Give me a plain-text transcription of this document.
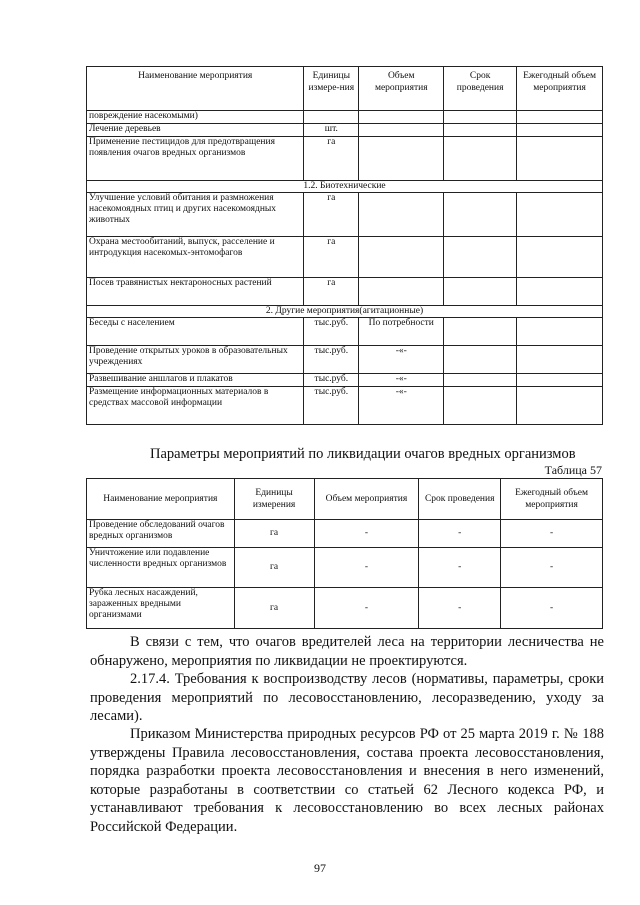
Наименование мероприятия	Единицы измере-ния	Объем мероприятия	Срок проведения	Ежегодный объем мероприятия
повреждение насекомыми)				
Лечение деревьев	шт.			
Применение пестицидов для предотвращения появления очагов вредных организмов	га			
1.2. Биотехнические				
Улучшение условий обитания и размножения насекомоядных птиц и других насекомоядных животных	га			
Охрана местообитаний, выпуск, расселение и интродукция насекомых-энтомофагов	га			
Посев травянистых нектароносных растений	га			
2. Другие мероприятия(агитационные)				
Беседы с населением	тыс.руб.	По потребности		
Проведение открытых уроков в образовательных учреждениях	тыс.руб.	-«-		
Развешивание аншлагов и плакатов	тыс.руб.	-«-		
Размещение информационных материалов в средствах массовой информации	тыс.руб.	-«-		
Параметры мероприятий по ликвидации очагов вредных организмов
Таблица 57
Наименование мероприятия	Единицы измерения	Объем мероприятия	Срок проведения	Ежегодный объем мероприятия
Проведение обследований очагов вредных организмов	га	-	-	-
Уничтожение или подавление численности вредных организмов	га	-	-	-
Рубка лесных насаждений, зараженных вредными организмами	га	-	-	-
В связи с тем, что очагов вредителей леса на территории лесничества не обнаружено, мероприятия по ликвидации не проектируются.
2.17.4. Требования к воспроизводству лесов (нормативы, параметры, сроки проведения мероприятий по лесовосстановлению, лесоразведению, уходу за лесами).
Приказом Министерства природных ресурсов РФ от 25 марта 2019 г. № 188 утверждены Правила лесовосстановления, состава проекта лесовосстановления, порядка разработки проекта лесовосстановления и внесения в него изменений, которые разработаны в соответствии со статьей 62 Лесного кодекса РФ, и устанавливают требования к лесовосстановлению во всех лесных районах Российской Федерации.
97
